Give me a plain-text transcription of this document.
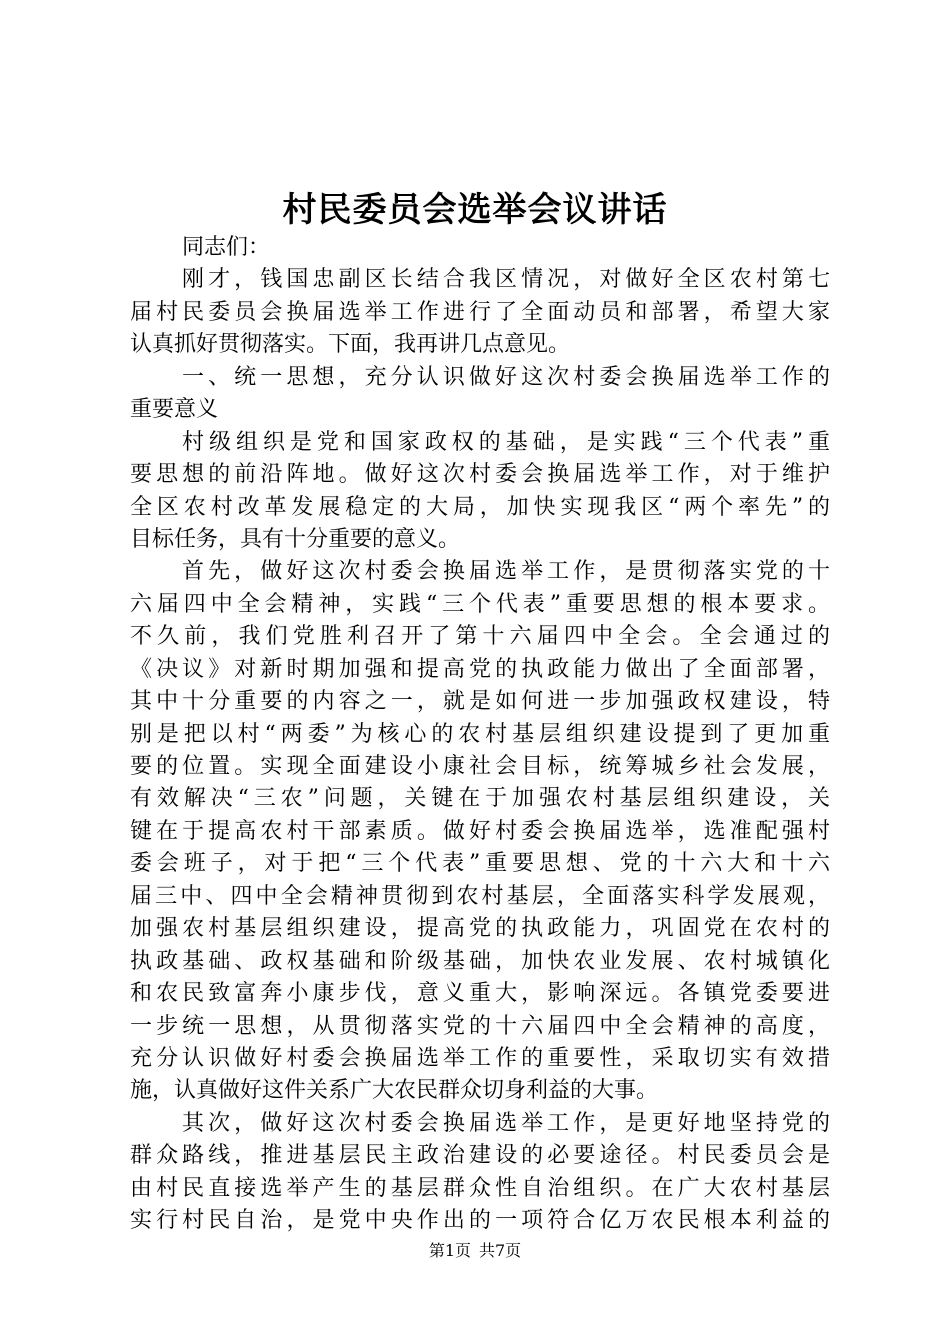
村民委员会选举会议讲话
同志们：
刚才，钱国忠副区长结合我区情况，对做好全区农村第七
届村民委员会换届选举工作进行了全面动员和部署，希望大家
认真抓好贯彻落实。下面，我再讲几点意见。
一、统一思想，充分认识做好这次村委会换届选举工作的
重要意义
村级组织是党和国家政权的基础，是实践“三个代表”重
要思想的前沿阵地。做好这次村委会换届选举工作，对于维护
全区农村改革发展稳定的大局，加快实现我区“两个率先”的
目标任务，具有十分重要的意义。
首先，做好这次村委会换届选举工作，是贯彻落实党的十
六届四中全会精神，实践“三个代表”重要思想的根本要求。
不久前，我们党胜利召开了第十六届四中全会。全会通过的
《决议》对新时期加强和提高党的执政能力做出了全面部署，
其中十分重要的内容之一，就是如何进一步加强政权建设，特
别是把以村“两委”为核心的农村基层组织建设提到了更加重
要的位置。实现全面建设小康社会目标，统筹城乡社会发展，
有效解决“三农”问题，关键在于加强农村基层组织建设，关
键在于提高农村干部素质。做好村委会换届选举，选准配强村
委会班子，对于把“三个代表”重要思想、党的十六大和十六
届三中、四中全会精神贯彻到农村基层，全面落实科学发展观，
加强农村基层组织建设，提高党的执政能力，巩固党在农村的
执政基础、政权基础和阶级基础，加快农业发展、农村城镇化
和农民致富奔小康步伐，意义重大，影响深远。各镇党委要进
一步统一思想，从贯彻落实党的十六届四中全会精神的高度，
充分认识做好村委会换届选举工作的重要性，采取切实有效措
施，认真做好这件关系广大农民群众切身利益的大事。
其次，做好这次村委会换届选举工作，是更好地坚持党的
群众路线，推进基层民主政治建设的必要途径。村民委员会是
由村民直接选举产生的基层群众性自治组织。在广大农村基层
实行村民自治，是党中央作出的一项符合亿万农民根本利益的
第1页 共7页
